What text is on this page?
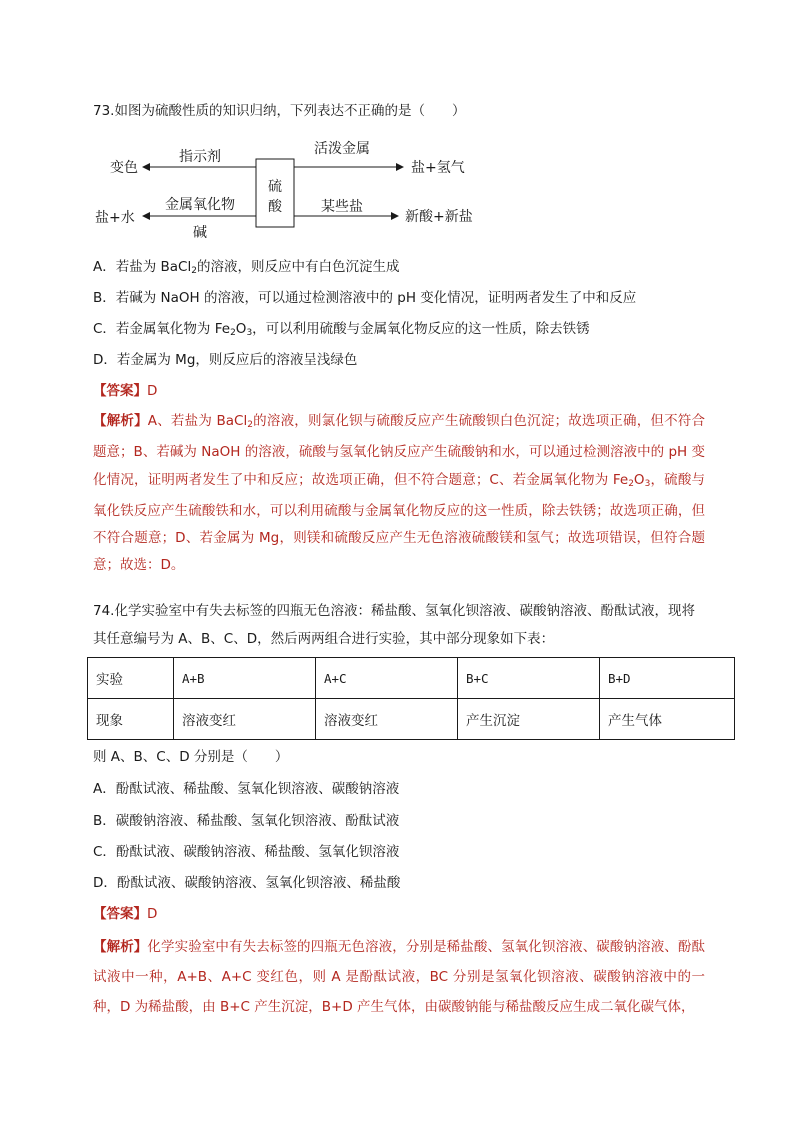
73.如图为硫酸性质的知识归纳，下列表达不正确的是（　　）
硫
酸
指示剂
变色
金属氧化物
碱
盐+水
活泼金属
盐+氢气
某些盐
新酸+新盐
A．若盐为 BaCl$_2$的溶液，则反应中有白色沉淀生成
B．若碱为 NaOH 的溶液，可以通过检测溶液中的 pH 变化情况，证明两者发生了中和反应
C．若金属氧化物为 $Fe_2O_3$，可以利用硫酸与金属氧化物反应的这一性质，除去铁锈
D．若金属为 Mg，则反应后的溶液呈浅绿色
【答案】D
【解析】A、若盐为 BaCl$_2$的溶液，则氯化钡与硫酸反应产生硫酸钡白色沉淀；故选项正确，但不符合题意；B、若碱为 NaOH 的溶液，硫酸与氢氧化钠反应产生硫酸钠和水，可以通过检测溶液中的 pH 变化情况，证明两者发生了中和反应；故选项正确，但不符合题意；C、若金属氧化物为 $Fe_2O_3$，硫酸与氧化铁反应产生硫酸铁和水，可以利用硫酸与金属氧化物反应的这一性质，除去铁锈；故选项正确，但不符合题意；D、若金属为 Mg，则镁和硫酸反应产生无色溶液硫酸镁和氢气；故选项错误，但符合题意；故选：D。
74.化学实验室中有失去标签的四瓶无色溶液：稀盐酸、氢氧化钡溶液、碳酸钠溶液、酚酞试液，现将其任意编号为 A、B、C、D，然后两两组合进行实验，其中部分现象如下表：
实验	A+B	A+C	B+C	B+D
现象	溶液变红	溶液变红	产生沉淀	产生气体
则 A、B、C、D 分别是（　　）
A．酚酞试液、稀盐酸、氢氧化钡溶液、碳酸钠溶液
B．碳酸钠溶液、稀盐酸、氢氧化钡溶液、酚酞试液
C．酚酞试液、碳酸钠溶液、稀盐酸、氢氧化钡溶液
D．酚酞试液、碳酸钠溶液、氢氧化钡溶液、稀盐酸
【答案】D
【解析】化学实验室中有失去标签的四瓶无色溶液，分别是稀盐酸、氢氧化钡溶液、碳酸钠溶液、酚酞试液中一种，A+B、A+C 变红色，则 A 是酚酞试液，BC 分别是氢氧化钡溶液、碳酸钠溶液中的一种，D 为稀盐酸，由 B+C 产生沉淀，B+D 产生气体，由碳酸钠能与稀盐酸反应生成二氧化碳气体，
